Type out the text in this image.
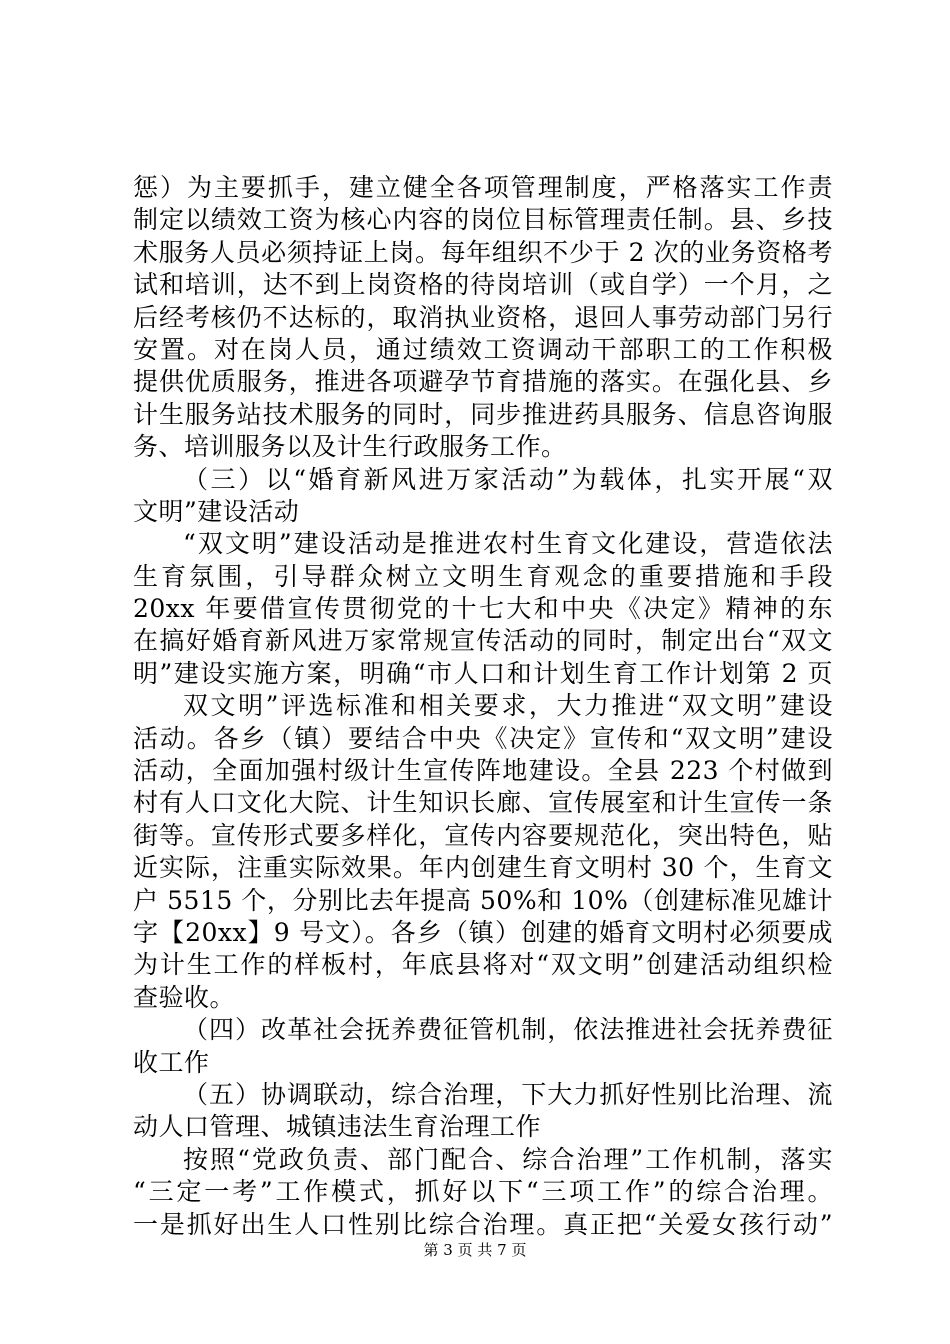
惩）为主要抓手，建立健全各项管理制度，严格落实工作责
制定以绩效工资为核心内容的岗位目标管理责任制。县、乡技
术服务人员必须持证上岗。每年组织不少于 2 次的业务资格考
试和培训，达不到上岗资格的待岗培训（或自学）一个月，之
后经考核仍不达标的，取消执业资格，退回人事劳动部门另行
安置。对在岗人员，通过绩效工资调动干部职工的工作积极
提供优质服务，推进各项避孕节育措施的落实。在强化县、乡
计生服务站技术服务的同时，同步推进药具服务、信息咨询服
务、培训服务以及计生行政服务工作。
（三）以“婚育新风进万家活动”为载体，扎实开展“双
文明”建设活动
“双文明”建设活动是推进农村生育文化建设，营造依法
生育氛围，引导群众树立文明生育观念的重要措施和手段
20xx 年要借宣传贯彻党的十七大和中央《决定》精神的东
在搞好婚育新风进万家常规宣传活动的同时，制定出台“双文
明”建设实施方案，明确“市人口和计划生育工作计划第 2 页
双文明”评选标准和相关要求，大力推进“双文明”建设
活动。各乡（镇）要结合中央《决定》宣传和“双文明”建设
活动，全面加强村级计生宣传阵地建设。全县 223 个村做到
村有人口文化大院、计生知识长廊、宣传展室和计生宣传一条
街等。宣传形式要多样化，宣传内容要规范化，突出特色，贴
近实际，注重实际效果。年内创建生育文明村 30 个，生育文
户 5515 个，分别比去年提高 50%和 10%（创建标准见雄计
字【20xx】9 号文）。各乡（镇）创建的婚育文明村必须要成
为计生工作的样板村，年底县将对“双文明”创建活动组织检
查验收。
（四）改革社会抚养费征管机制，依法推进社会抚养费征
收工作
（五）协调联动，综合治理，下大力抓好性别比治理、流
动人口管理、城镇违法生育治理工作
按照“党政负责、部门配合、综合治理”工作机制，落实
“三定一考”工作模式，抓好以下“三项工作”的综合治理。
一是抓好出生人口性别比综合治理。真正把“关爱女孩行动”
第 3 页 共 7 页
